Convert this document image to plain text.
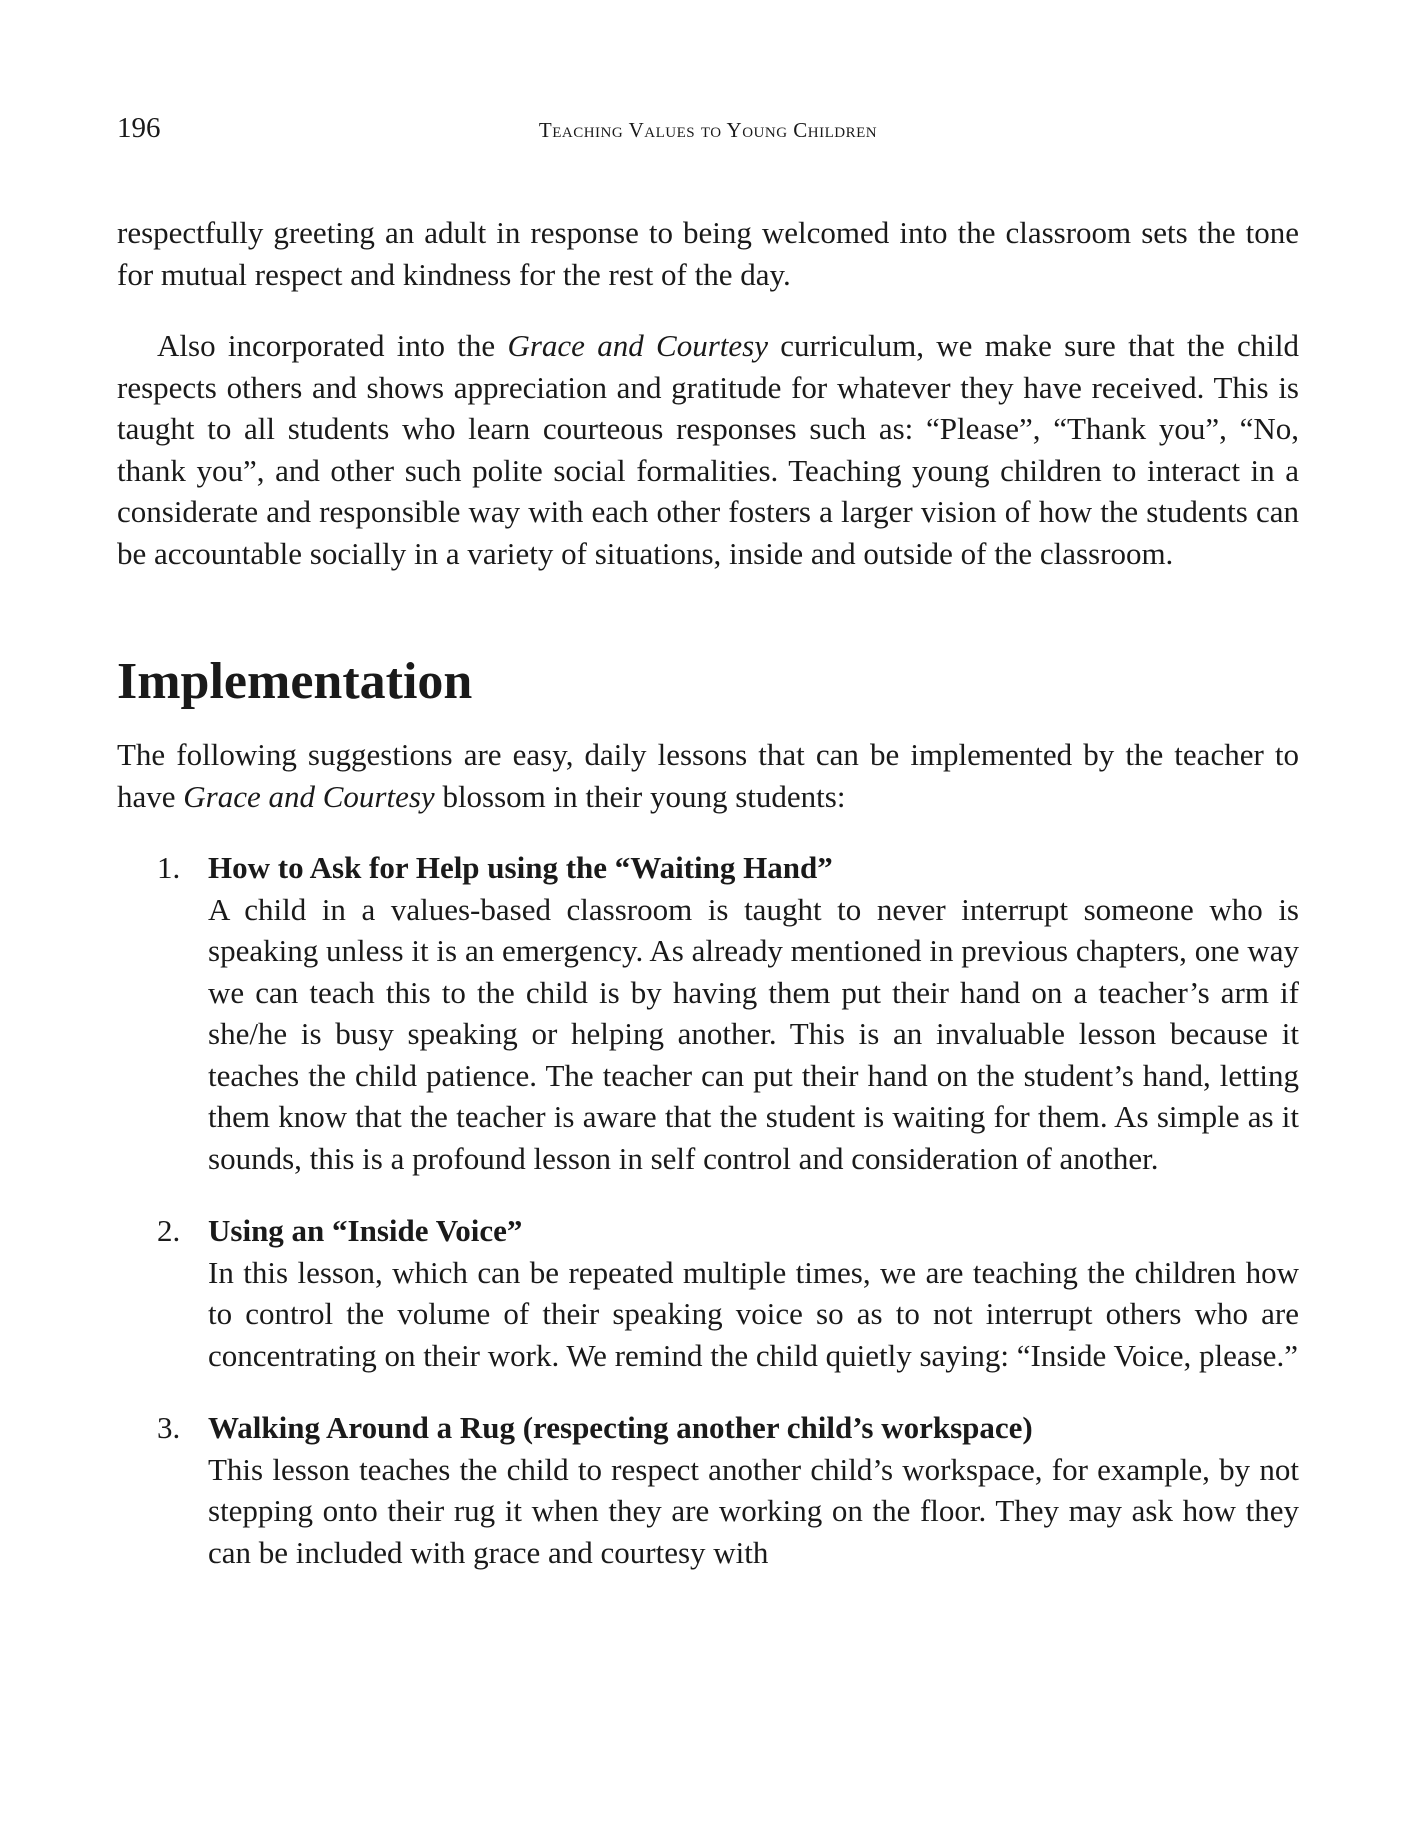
196	Teaching Values to Young Children

respectfully greeting an adult in response to being welcomed into the classroom sets the tone for mutual respect and kindness for the rest of the day.

Also incorporated into the Grace and Courtesy curriculum, we make sure that the child respects others and shows appreciation and gratitude for whatever they have received. This is taught to all students who learn courteous responses such as: “Please”, “Thank you”, “No, thank you”, and other such polite social formalities. Teaching young children to interact in a considerate and responsible way with each other fosters a larger vision of how the students can be accountable socially in a variety of situations, inside and outside of the classroom.

Implementation

The following suggestions are easy, daily lessons that can be implemented by the teacher to have Grace and Courtesy blossom in their young students:

1. How to Ask for Help using the “Waiting Hand”

A child in a values-based classroom is taught to never interrupt someone who is speaking unless it is an emergency. As already mentioned in previous chapters, one way we can teach this to the child is by having them put their hand on a teacher’s arm if she/he is busy speaking or helping another. This is an invaluable lesson because it teaches the child patience. The teacher can put their hand on the student’s hand, letting them know that the teacher is aware that the student is waiting for them. As simple as it sounds, this is a profound lesson in self control and consideration of another.

2. Using an “Inside Voice”

In this lesson, which can be repeated multiple times, we are teaching the children how to control the volume of their speaking voice so as to not interrupt others who are concentrating on their work. We remind the child quietly saying: “Inside Voice, please.”

3. Walking Around a Rug (respecting another child’s workspace)

This lesson teaches the child to respect another child’s workspace, for example, by not stepping onto their rug it when they are working on the floor. They may ask how they can be included with grace and courtesy with
